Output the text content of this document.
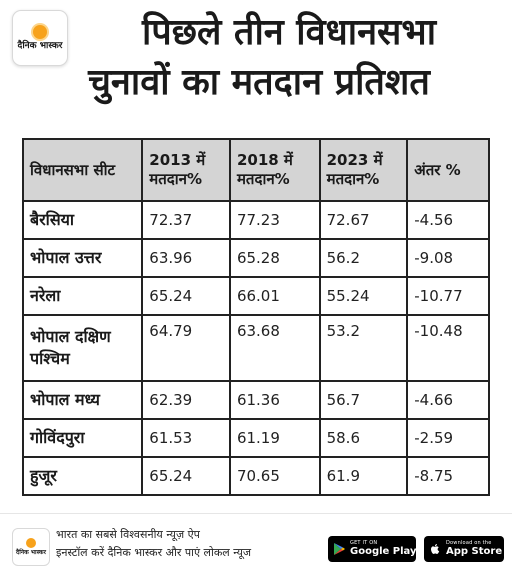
दैनिक भास्कर	पिछले तीन विधानसभा
चुनावों का मतदान प्रतिशत
विधानसभा सीट	2013 में मतदान%	2018 में मतदान%	2023 में मतदान%	अंतर %
बैरसिया	72.37	77.23	72.67	-4.56
भोपाल उत्तर	63.96	65.28	56.2	-9.08
नरेला	65.24	66.01	55.24	-10.77
भोपाल दक्षिण पश्चिम	64.79	63.68	53.2	-10.48
भोपाल मध्य	62.39	61.36	56.7	-4.66
गोविंदपुरा	61.53	61.19	58.6	-2.59
हुजूर	65.24	70.65	61.9	-8.75
दैनिक भास्कर
भारत का सबसे विश्वसनीय न्यूज़ ऐप
इनस्टॉल करें दैनिक भास्कर और पाएं लोकल न्यूज
GET IT ON
Google Play
Download on the
App Store
